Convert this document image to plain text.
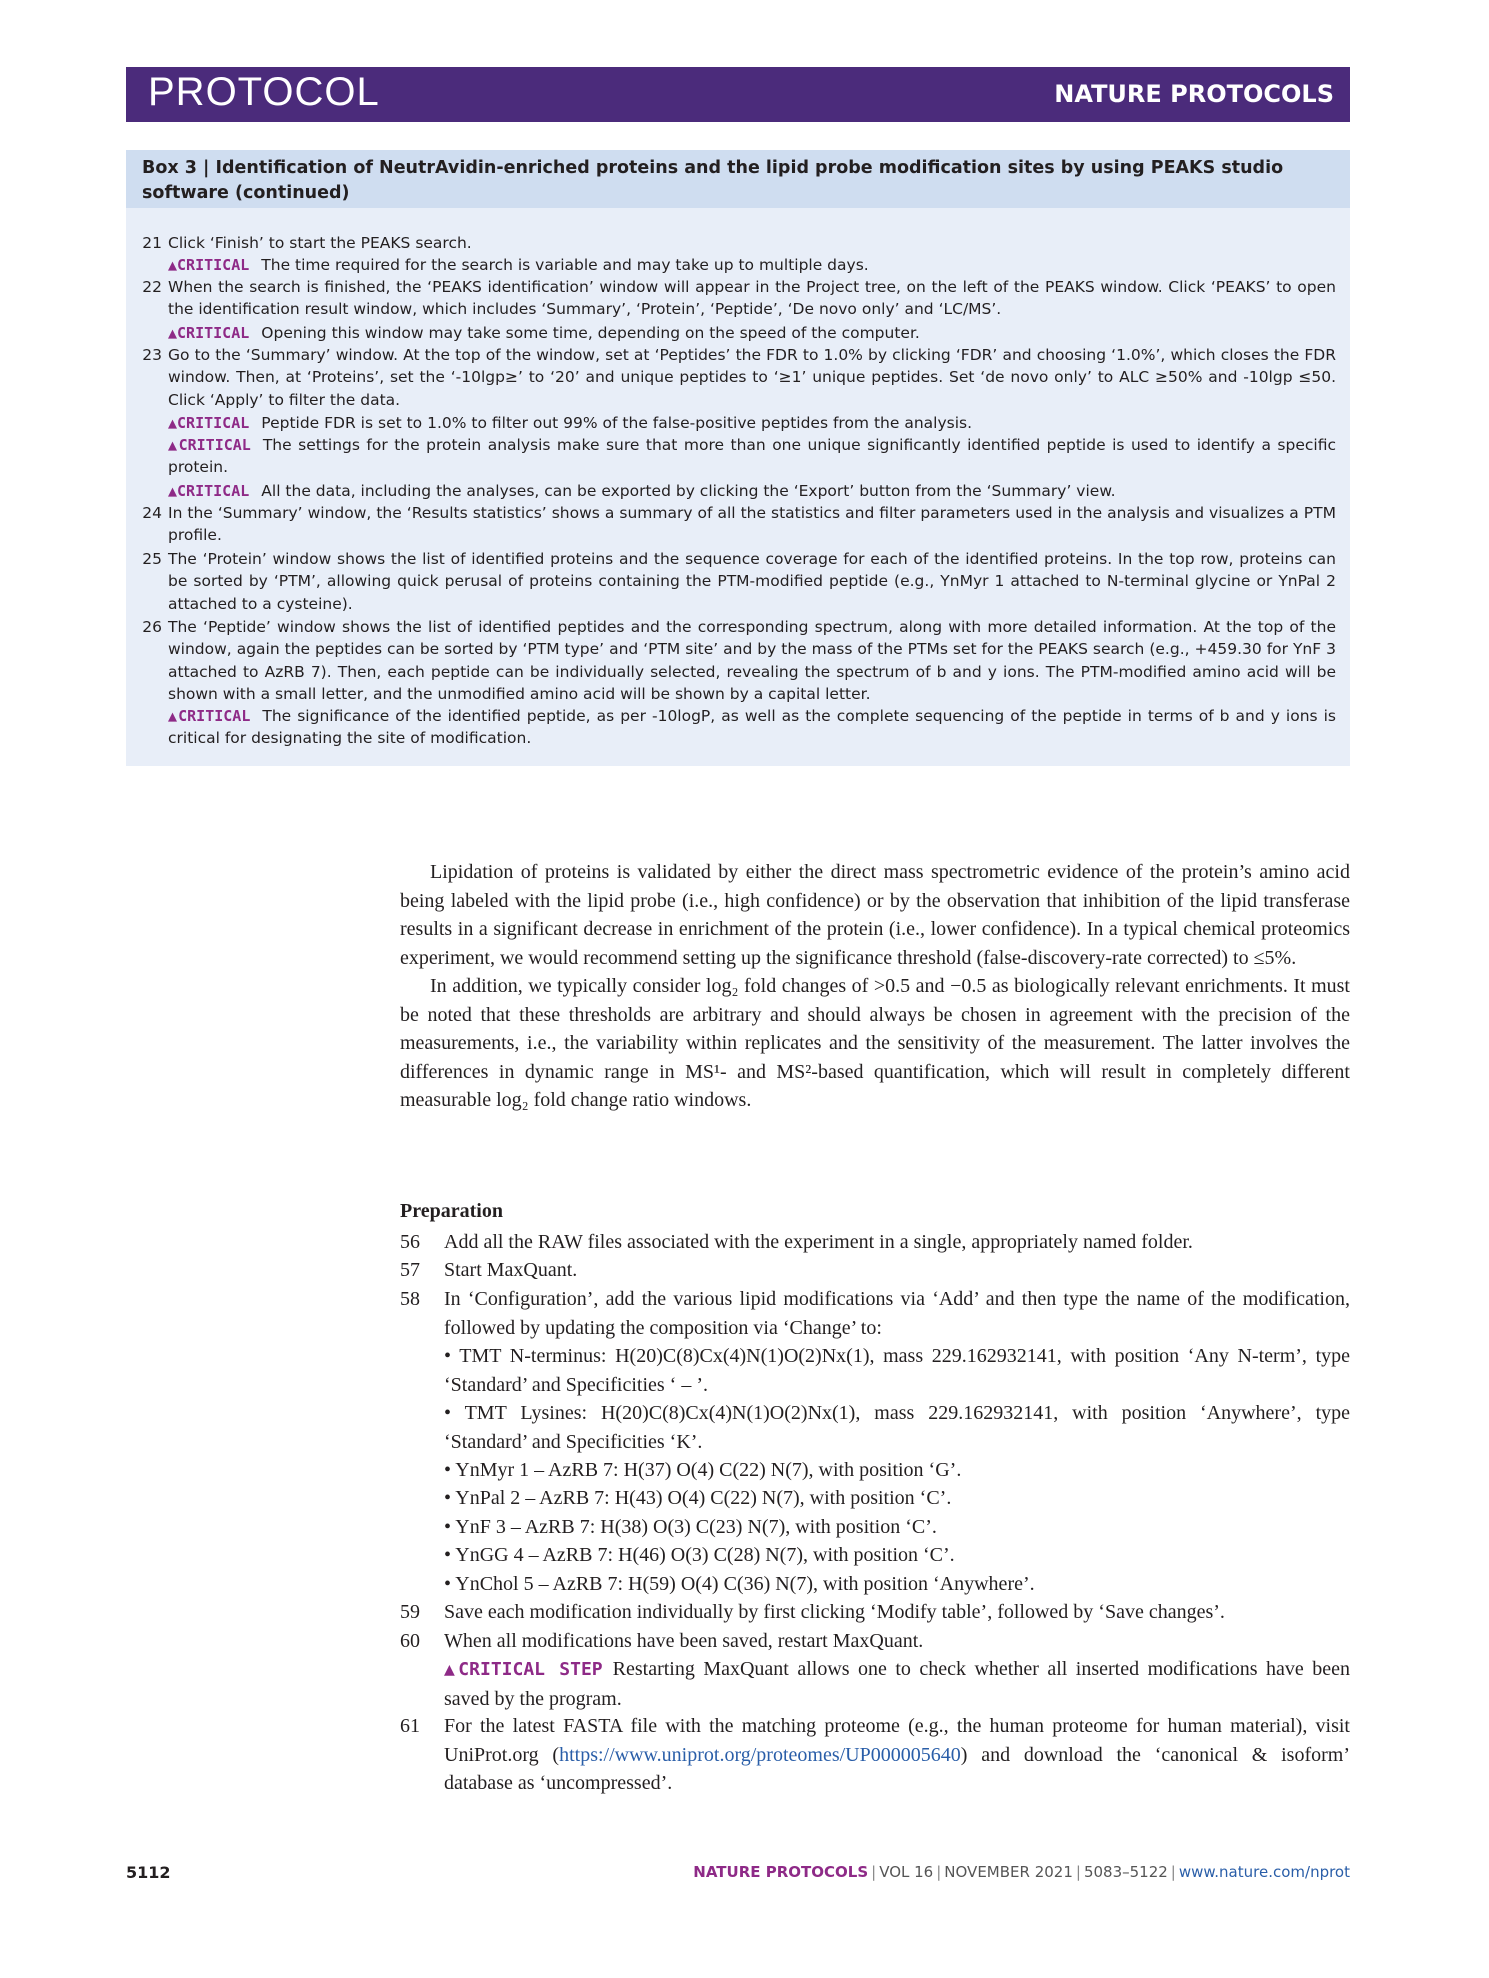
PROTOCOL	NATURE PROTOCOLS
Box 3 | Identification of NeutrAvidin-enriched proteins and the lipid probe modification sites by using PEAKS studio software (continued)
21 Click ‘Finish’ to start the PEAKS search.
▲CRITICAL The time required for the search is variable and may take up to multiple days.
22 When the search is finished, the ‘PEAKS identification’ window will appear in the Project tree, on the left of the PEAKS window. Click ‘PEAKS’ to open the identification result window, which includes ‘Summary’, ‘Protein’, ‘Peptide’, ‘De novo only’ and ‘LC/MS’.
▲CRITICAL Opening this window may take some time, depending on the speed of the computer.
23 Go to the ‘Summary’ window. At the top of the window, set at ‘Peptides’ the FDR to 1.0% by clicking ‘FDR’ and choosing ‘1.0%’, which closes the FDR window. Then, at ‘Proteins’, set the ‘-10lgp≥’ to ‘20’ and unique peptides to ‘≥1’ unique peptides. Set ‘de novo only’ to ALC ≥50% and -10lgp ≤50. Click ‘Apply’ to filter the data.
▲CRITICAL Peptide FDR is set to 1.0% to filter out 99% of the false-positive peptides from the analysis.
▲CRITICAL The settings for the protein analysis make sure that more than one unique significantly identified peptide is used to identify a specific protein.
▲CRITICAL All the data, including the analyses, can be exported by clicking the ‘Export’ button from the ‘Summary’ view.
24 In the ‘Summary’ window, the ‘Results statistics’ shows a summary of all the statistics and filter parameters used in the analysis and visualizes a PTM profile.
25 The ‘Protein’ window shows the list of identified proteins and the sequence coverage for each of the identified proteins. In the top row, proteins can be sorted by ‘PTM’, allowing quick perusal of proteins containing the PTM-modified peptide (e.g., YnMyr 1 attached to N-terminal glycine or YnPal 2 attached to a cysteine).
26 The ‘Peptide’ window shows the list of identified peptides and the corresponding spectrum, along with more detailed information. At the top of the window, again the peptides can be sorted by ‘PTM type’ and ‘PTM site’ and by the mass of the PTMs set for the PEAKS search (e.g., +459.30 for YnF 3 attached to AzRB 7). Then, each peptide can be individually selected, revealing the spectrum of b and y ions. The PTM-modified amino acid will be shown with a small letter, and the unmodified amino acid will be shown by a capital letter.
▲CRITICAL The significance of the identified peptide, as per -10logP, as well as the complete sequencing of the peptide in terms of b and y ions is critical for designating the site of modification.
Lipidation of proteins is validated by either the direct mass spectrometric evidence of the protein’s amino acid being labeled with the lipid probe (i.e., high confidence) or by the observation that inhibition of the lipid transferase results in a significant decrease in enrichment of the protein (i.e., lower confidence). In a typical chemical proteomics experiment, we would recommend setting up the significance threshold (false-discovery-rate corrected) to ≤5%.
In addition, we typically consider log₂ fold changes of >0.5 and −0.5 as biologically relevant enrichments. It must be noted that these thresholds are arbitrary and should always be chosen in agreement with the precision of the measurements, i.e., the variability within replicates and the sensitivity of the measurement. The latter involves the differences in dynamic range in MS¹- and MS²-based quantification, which will result in completely different measurable log₂ fold change ratio windows.
Preparation
56	Add all the RAW files associated with the experiment in a single, appropriately named folder.
57	Start MaxQuant.
58	In ‘Configuration’, add the various lipid modifications via ‘Add’ and then type the name of the modification, followed by updating the composition via ‘Change’ to:
• TMT N-terminus: H(20)C(8)Cx(4)N(1)O(2)Nx(1), mass 229.162932141, with position ‘Any N-term’, type ‘Standard’ and Specificities ‘ – ’.
• TMT Lysines: H(20)C(8)Cx(4)N(1)O(2)Nx(1), mass 229.162932141, with position ‘Anywhere’, type ‘Standard’ and Specificities ‘K’.
• YnMyr 1 – AzRB 7: H(37) O(4) C(22) N(7), with position ‘G’.
• YnPal 2 – AzRB 7: H(43) O(4) C(22) N(7), with position ‘C’.
• YnF 3 – AzRB 7: H(38) O(3) C(23) N(7), with position ‘C’.
• YnGG 4 – AzRB 7: H(46) O(3) C(28) N(7), with position ‘C’.
• YnChol 5 – AzRB 7: H(59) O(4) C(36) N(7), with position ‘Anywhere’.
59	Save each modification individually by first clicking ‘Modify table’, followed by ‘Save changes’.
60	When all modifications have been saved, restart MaxQuant.
▲CRITICAL STEP Restarting MaxQuant allows one to check whether all inserted modifications have been saved by the program.
61	For the latest FASTA file with the matching proteome (e.g., the human proteome for human material), visit UniProt.org (https://www.uniprot.org/proteomes/UP000005640) and download the ‘canonical & isoform’ database as ‘uncompressed’.
5112	NATURE PROTOCOLS | VOL 16 | NOVEMBER 2021 | 5083–5122 | www.nature.com/nprot
